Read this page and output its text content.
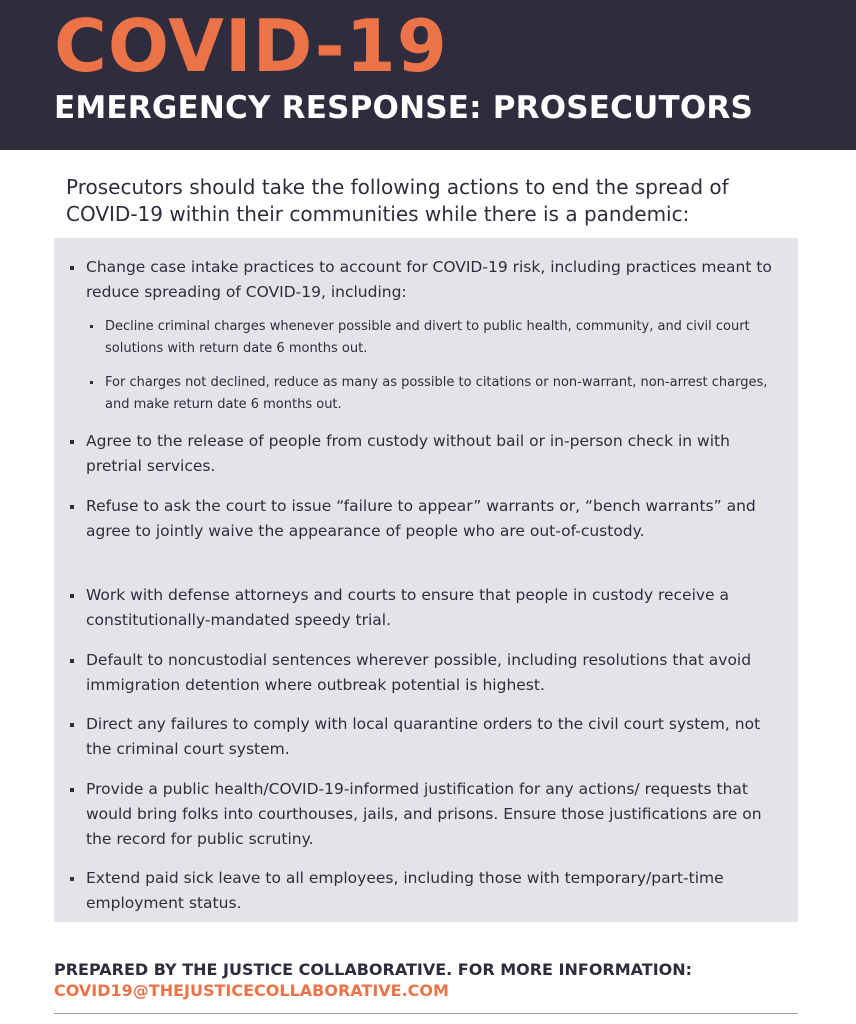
COVID-19
EMERGENCY RESPONSE: PROSECUTORS

Prosecutors should take the following actions to end the spread of COVID-19 within their communities while there is a pandemic:

Change case intake practices to account for COVID-19 risk, including practices meant to reduce spreading of COVID-19, including:
Decline criminal charges whenever possible and divert to public health, community, and civil court solutions with return date 6 months out.
For charges not declined, reduce as many as possible to citations or non-warrant, non-arrest charges, and make return date 6 months out.
Agree to the release of people from custody without bail or in-person check in with pretrial services.
Refuse to ask the court to issue “failure to appear” warrants or, “bench warrants” and agree to jointly waive the appearance of people who are out-of-custody.
Work with defense attorneys and courts to ensure that people in custody receive a constitutionally-mandated speedy trial.
Default to noncustodial sentences wherever possible, including resolutions that avoid immigration detention where outbreak potential is highest.
Direct any failures to comply with local quarantine orders to the civil court system, not the criminal court system.
Provide a public health/COVID-19-informed justification for any actions/ requests that would bring folks into courthouses, jails, and prisons. Ensure those justifications are on the record for public scrutiny.
Extend paid sick leave to all employees, including those with temporary/part-time employment status.

PREPARED BY THE JUSTICE COLLABORATIVE. FOR MORE INFORMATION:

COVID19@THEJUSTICECOLLABORATIVE.COM
